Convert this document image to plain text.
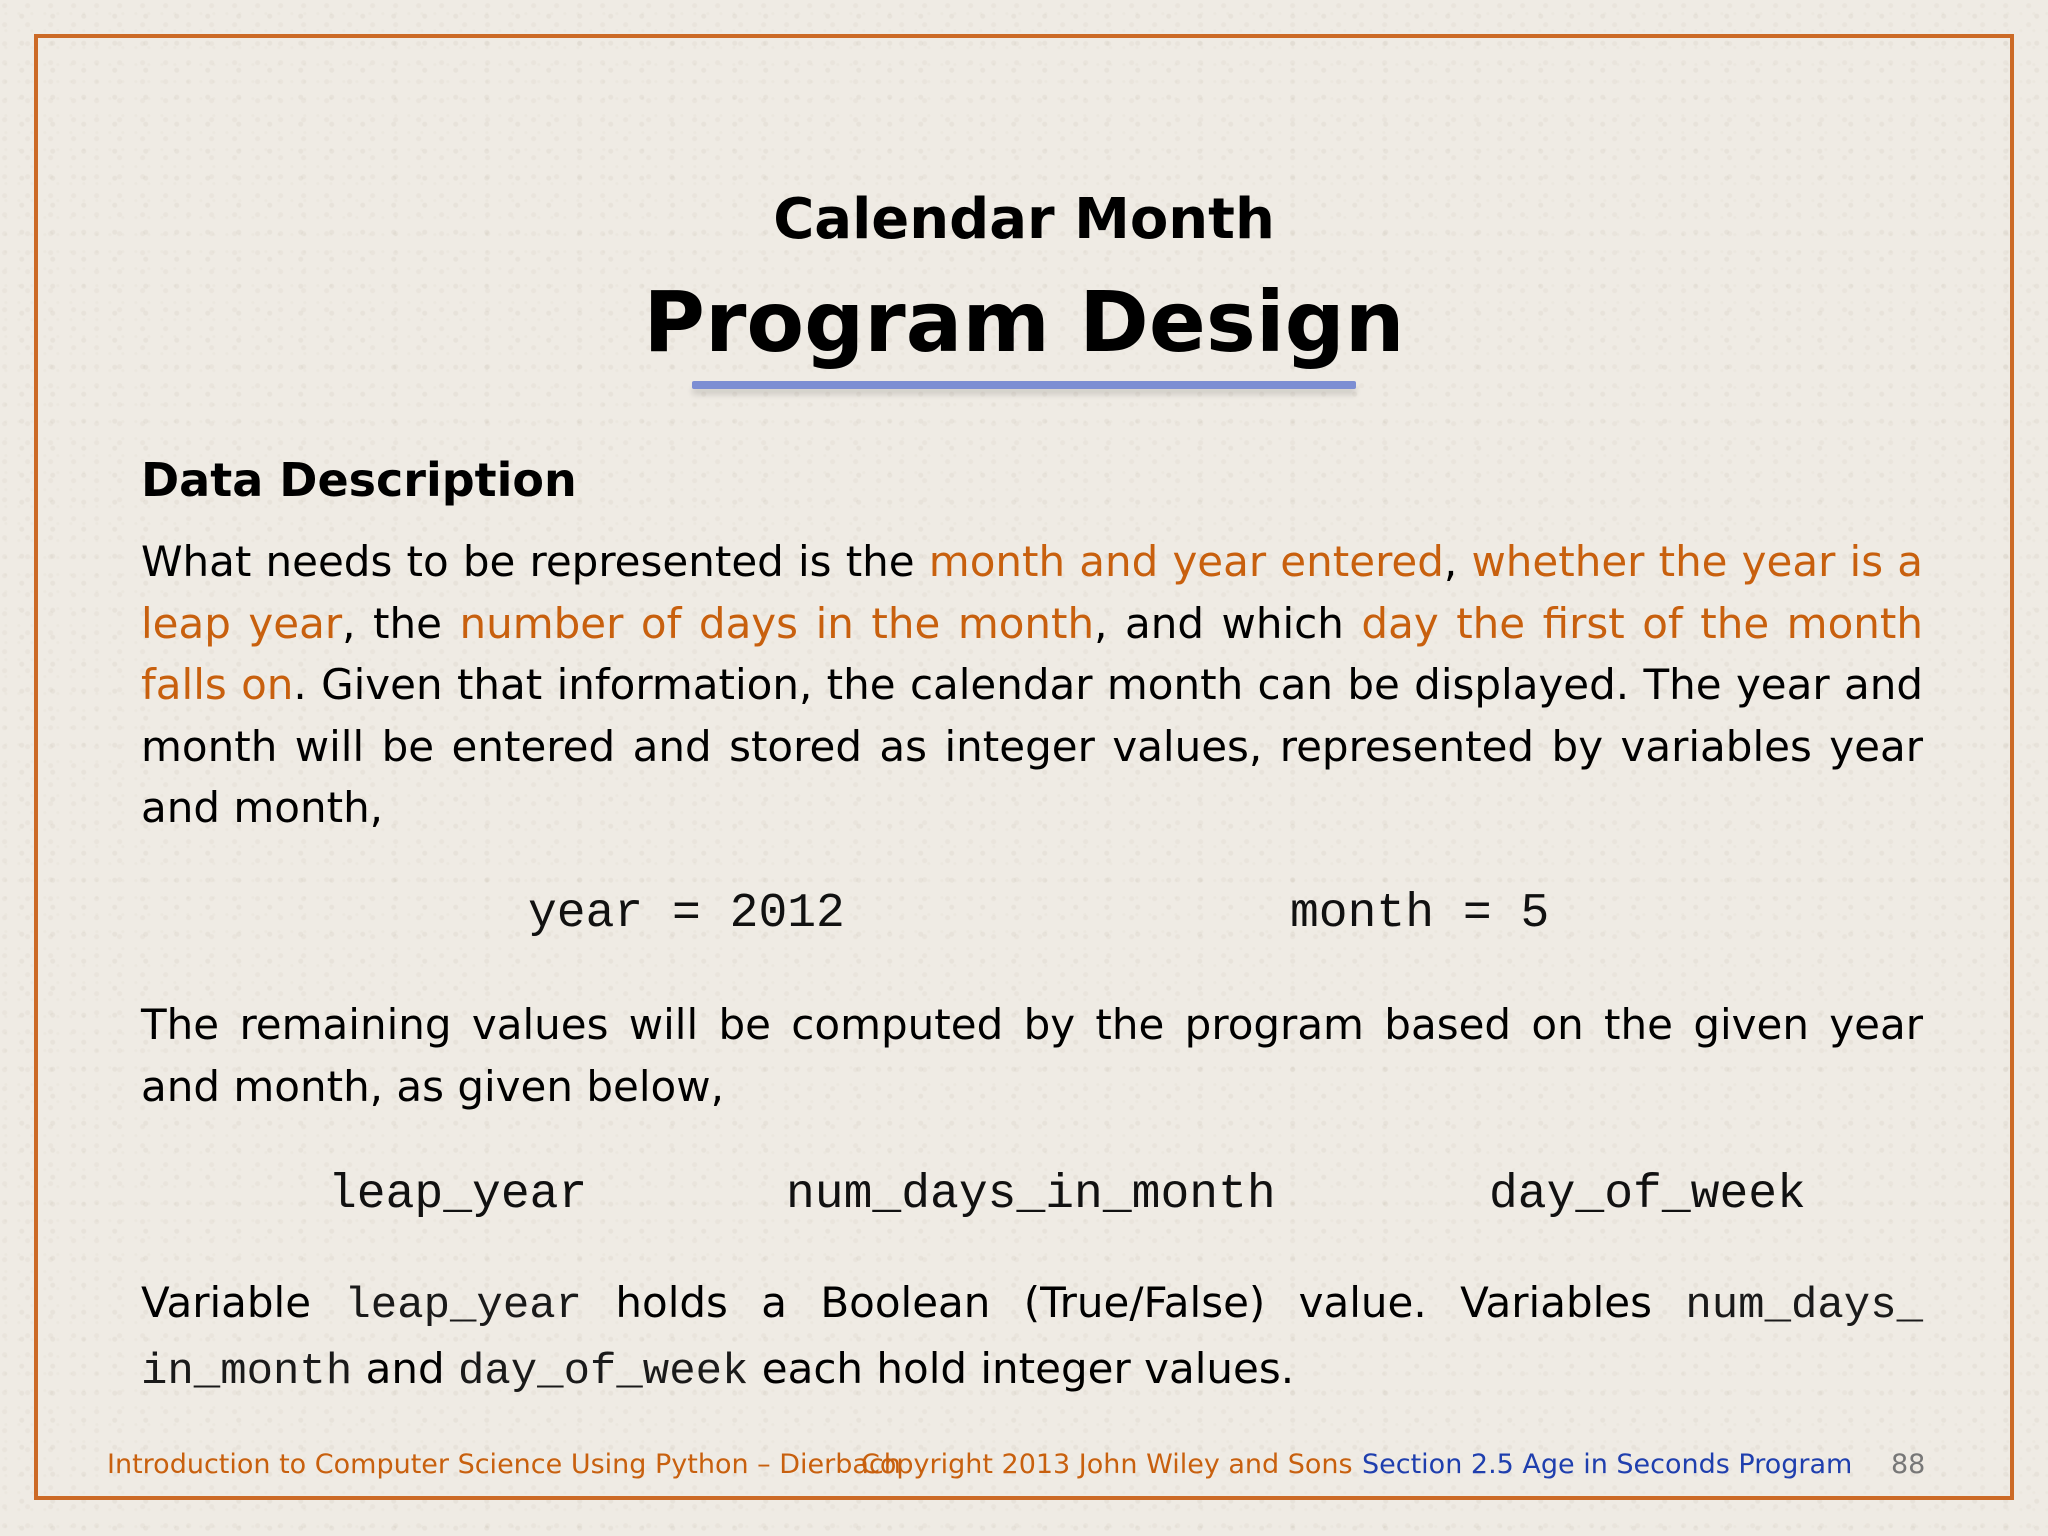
Calendar Month
Program Design
Data Description
What needs to be represented is the month and year entered, whether the year is a leap year, the number of days in the month, and which day the first of the month falls on. Given that information, the calendar month can be displayed. The year and month will be entered and stored as integer values, represented by variables year and month,
year = 2012	month = 5
The remaining values will be computed by the program based on the given year and month, as given below,
leap_year	num_days_in_month	day_of_week
Variable leap_year holds a Boolean (True/False) value. Variables num_days_ in_month and day_of_week each hold integer values.
Introduction to Computer Science Using Python – Dierbach
Copyright 2013 John Wiley and Sons Section 2.5 Age in Seconds Program 88
